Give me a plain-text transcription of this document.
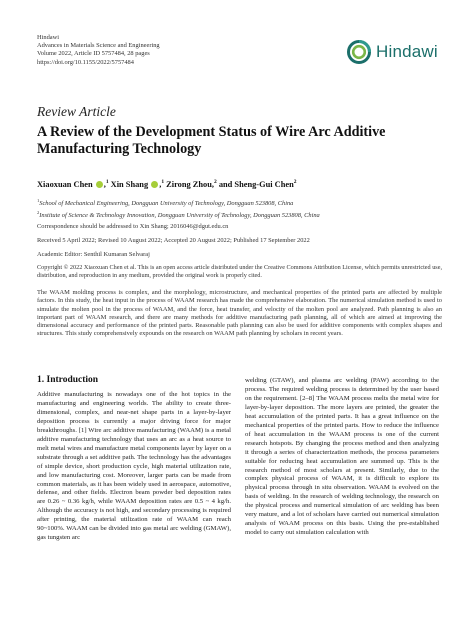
Hindawi
Advances in Materials Science and Engineering
Volume 2022, Article ID 5757484, 28 pages
https://doi.org/10.1155/2022/5757484
Hindawi
Review Article
A Review of the Development Status of Wire Arc Additive Manufacturing Technology
Xiaoxuan Chen ,$^1$ Xin Shang ,$^1$ Zirong Zhou,$^2$ and Sheng-Gui Chen$^2$
$^1$School of Mechanical Engineering, Dongguan University of Technology, Dongguan 523808, China
$^2$Institute of Science & Technology Innovation, Dongguan University of Technology, Dongguan 523808, China
Correspondence should be addressed to Xin Shang; 2016046@dgut.edu.cn
Received 5 April 2022; Revised 10 August 2022; Accepted 20 August 2022; Published 17 September 2022
Academic Editor: Senthil Kumaran Selvaraj

Copyright © 2022 Xiaoxuan Chen et al. This is an open access article distributed under the Creative Commons Attribution License, which permits unrestricted use, distribution, and reproduction in any medium, provided the original work is properly cited.

The WAAM molding process is complex, and the morphology, microstructure, and mechanical properties of the printed parts are affected by multiple factors. In this study, the heat input in the process of WAAM research has made the comprehensive elaboration. The numerical simulation method is used to simulate the molten pool in the process of WAAM, and the force, heat transfer, and velocity of the molten pool are analyzed. Path planning is also an important part of WAAM research, and there are many methods for additive manufacturing path planning, all of which are aimed at improving the dimensional accuracy and performance of the printed parts. Reasonable path planning can also be used for additive components with complex shapes and structures. This study comprehensively expounds on the research on WAAM path planning by scholars in recent years.

1. Introduction

Additive manufacturing is nowadays one of the hot topics in the manufacturing and engineering worlds. The ability to create three-dimensional, complex, and near-net shape parts in a layer-by-layer deposition process is currently a major driving force for major breakthroughs. [1] Wire arc additive manufacturing (WAAM) is a metal additive manufacturing technology that uses an arc as a heat source to melt metal wires and manufacture metal components layer by layer on a substrate through a set additive path. The technology has the advantages of simple device, short production cycle, high material utilization rate, and low manufacturing cost. Moreover, larger parts can be made from common materials, as it has been widely used in aerospace, automotive, defense, and other fields. Electron beam powder bed deposition rates are 0.26 ~ 0.36 kg/h, while WAAM deposition rates are 0.5 ~ 4 kg/h. Although the accuracy is not high, and secondary processing is required after printing, the material utilization rate of WAAM can reach 90~100%. WAAM can be divided into gas metal arc welding (GMAW), gas tungsten arc

welding (GTAW), and plasma arc welding (PAW) according to the process. The required welding process is determined by the user based on the requirement. [2–8] The WAAM process melts the metal wire for layer-by-layer deposition. The more layers are printed, the greater the heat accumulation of the printed parts. It has a great influence on the mechanical properties of the printed parts. How to reduce the influence of heat accumulation in the WAAM process is one of the current research hotspots. By changing the process method and then analyzing it through a series of characterization methods, the process parameters suitable for reducing heat accumulation are summed up. This is the research method of most scholars at present. Similarly, due to the complex physical process of WAAM, it is difficult to explore its physical process through in situ observation. WAAM is evolved on the basis of welding. In the research of welding technology, the research on the physical process and numerical simulation of arc welding has been very mature, and a lot of scholars have carried out numerical simulation analysis of WAAM process on this basis. Using the pre-established model to carry out simulation calculation with
